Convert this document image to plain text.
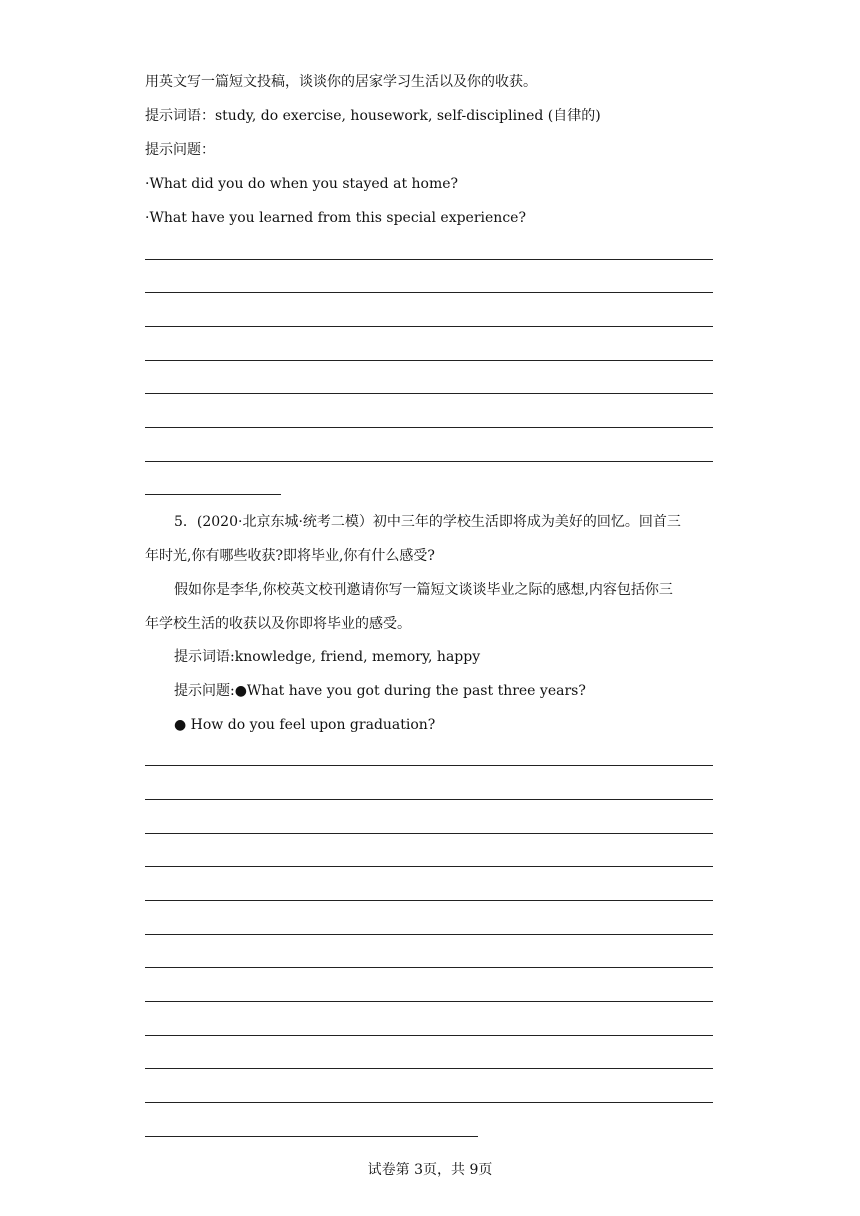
用英文写一篇短文投稿，谈谈你的居家学习生活以及你的收获。
提示词语：study, do exercise, housework, self-disciplined (自律的)
提示问题：
·What did you do when you stayed at home?
·What have you learned from this special experience?
5．(2020·北京东城·统考二模）初中三年的学校生活即将成为美好的回忆。回首三
年时光,你有哪些收获?即将毕业,你有什么感受?
假如你是李华,你校英文校刊邀请你写一篇短文谈谈毕业之际的感想,内容包括你三
年学校生活的收获以及你即将毕业的感受。
提示词语:knowledge, friend, memory, happy
提示问题:●What have you got during the past three years?
● How do you feel upon graduation?
试卷第 3页，共 9页
